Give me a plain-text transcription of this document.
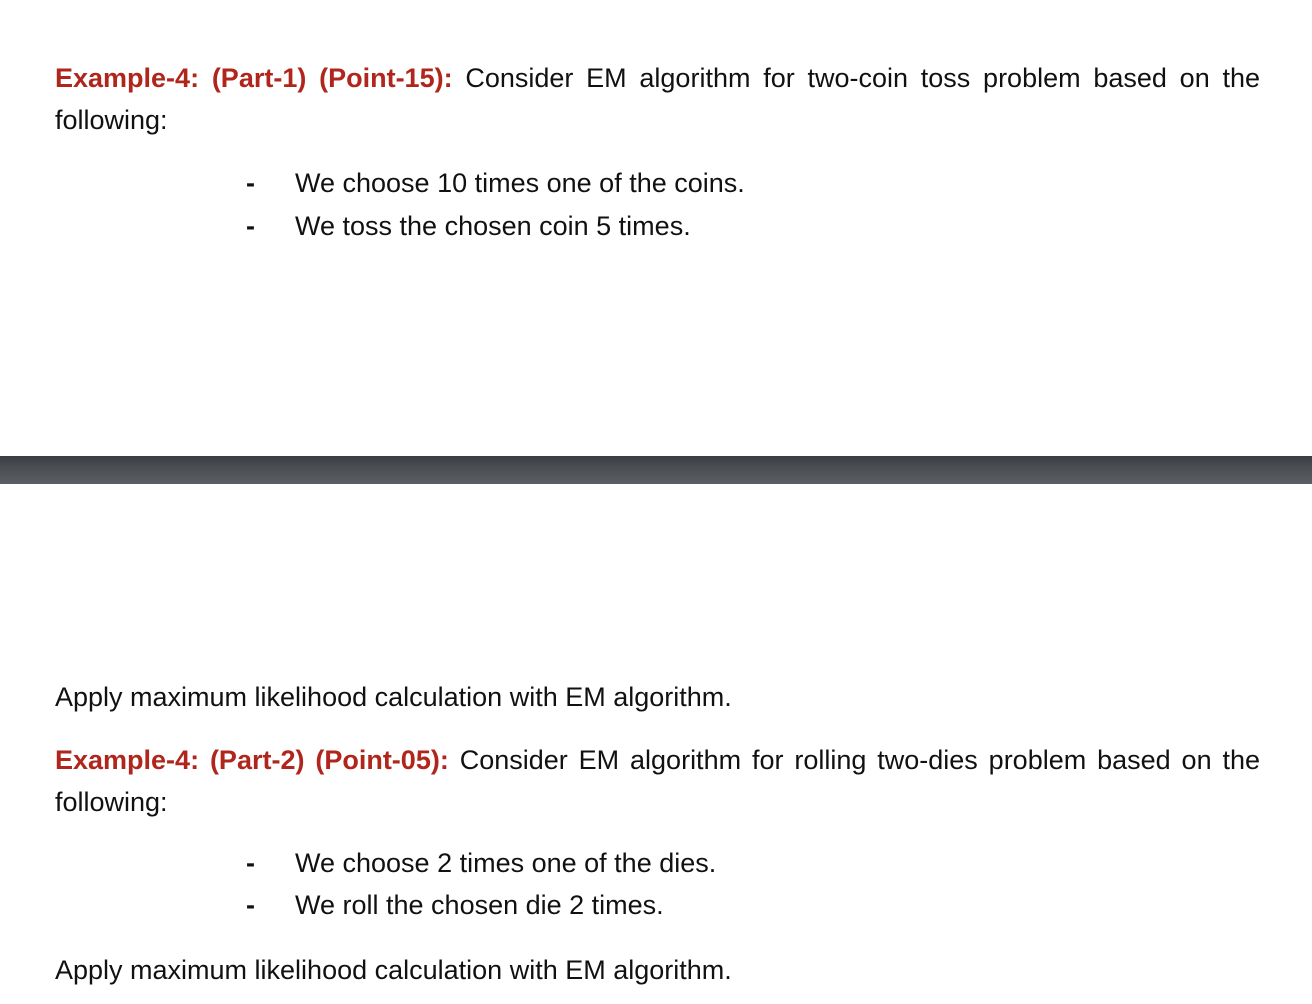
Example-4: (Part-1) (Point-15): Consider EM algorithm for two-coin toss problem based on the following:

- We choose 10 times one of the coins.
- We toss the chosen coin 5 times.

Apply maximum likelihood calculation with EM algorithm.

Example-4: (Part-2) (Point-05): Consider EM algorithm for rolling two-dies problem based on the following:

- We choose 2 times one of the dies.
- We roll the chosen die 2 times.

Apply maximum likelihood calculation with EM algorithm.
